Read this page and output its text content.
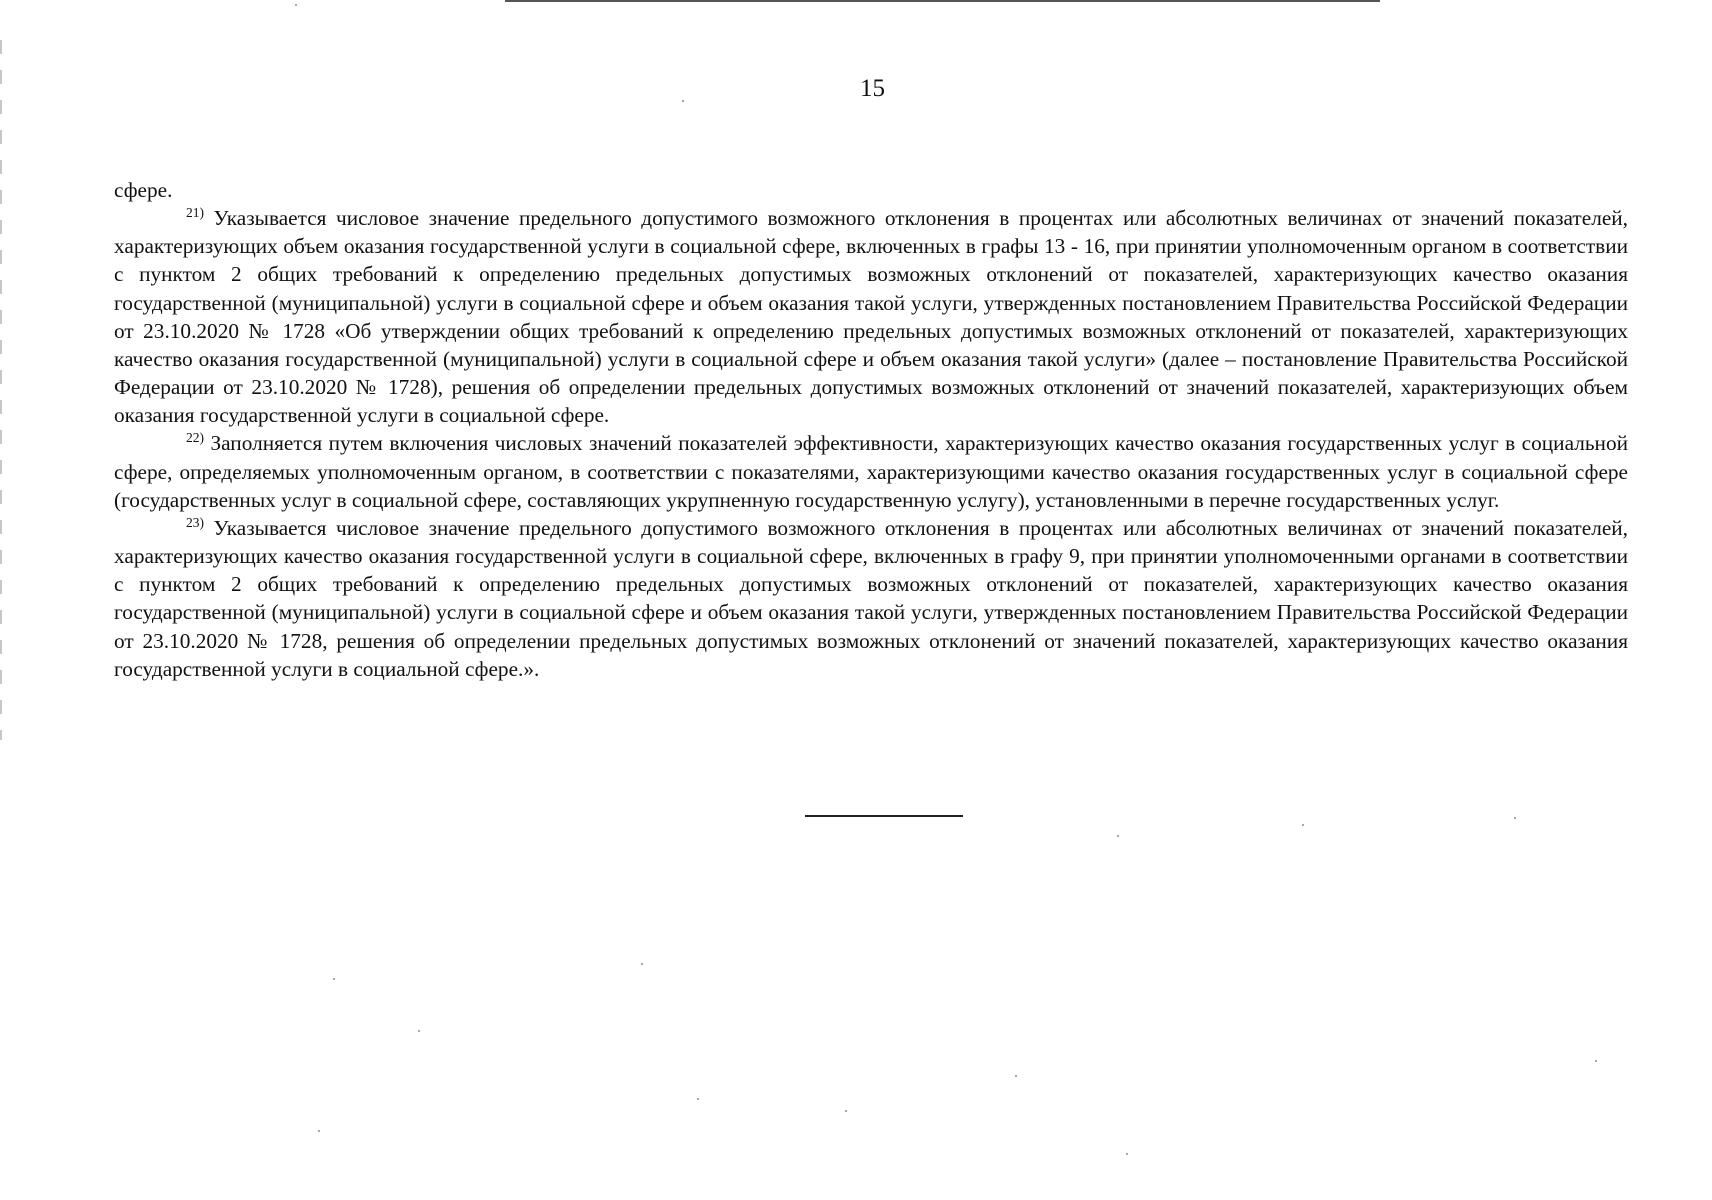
15

сфере.

$^{21)}$ Указывается числовое значение предельного допустимого возможного отклонения в процентах или абсолютных величинах от значений показателей, характеризующих объем оказания государственной услуги в социальной сфере, включенных в графы 13 - 16, при принятии уполномоченным органом в соответствии с пунктом 2 общих требований к определению предельных допустимых возможных отклонений от показателей, характеризующих качество оказания государственной (муниципальной) услуги в социальной сфере и объем оказания такой услуги, утвержденных постановлением Правительства Российской Федерации от 23.10.2020 № 1728 «Об утверждении общих требований к определению предельных допустимых возможных отклонений от показателей, характеризующих качество оказания государственной (муниципальной) услуги в социальной сфере и объем оказания такой услуги» (далее – постановление Правительства Российской Федерации от 23.10.2020 № 1728), решения об определении предельных допустимых возможных отклонений от значений показателей, характеризующих объем оказания государственной услуги в социальной сфере.

$^{22)}$ Заполняется путем включения числовых значений показателей эффективности, характеризующих качество оказания государственных услуг в социальной сфере, определяемых уполномоченным органом, в соответствии с показателями, характеризующими качество оказания государственных услуг в социальной сфере (государственных услуг в социальной сфере, составляющих укрупненную государственную услугу), установленными в перечне государственных услуг.

$^{23)}$ Указывается числовое значение предельного допустимого возможного отклонения в процентах или абсолютных величинах от значений показателей, характеризующих качество оказания государственной услуги в социальной сфере, включенных в графу 9, при принятии уполномоченными органами в соответствии с пунктом 2 общих требований к определению предельных допустимых возможных отклонений от показателей, характеризующих качество оказания государственной (муниципальной) услуги в социальной сфере и объем оказания такой услуги, утвержденных постановлением Правительства Российской Федерации от 23.10.2020 № 1728, решения об определении предельных допустимых возможных отклонений от значений показателей, характеризующих качество оказания государственной услуги в социальной сфере.».
